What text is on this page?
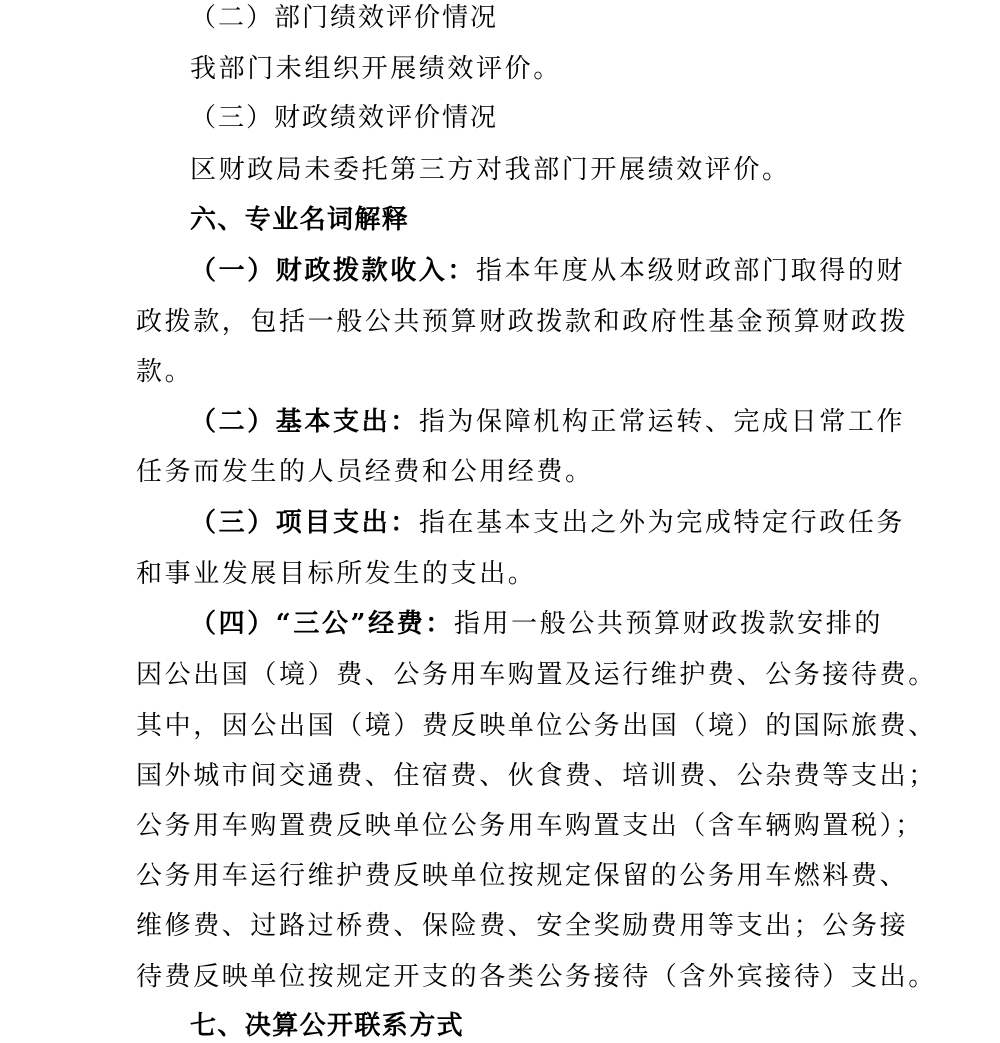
（二）部门绩效评价情况
我部门未组织开展绩效评价。
（三）财政绩效评价情况
区财政局未委托第三方对我部门开展绩效评价。
六、专业名词解释
（一）财政拨款收入：指本年度从本级财政部门取得的财
政拨款，包括一般公共预算财政拨款和政府性基金预算财政拨
款。
（二）基本支出：指为保障机构正常运转、完成日常工作
任务而发生的人员经费和公用经费。
（三）项目支出：指在基本支出之外为完成特定行政任务
和事业发展目标所发生的支出。
（四）“三公”经费：指用一般公共预算财政拨款安排的
因公出国（境）费、公务用车购置及运行维护费、公务接待费。
其中，因公出国（境）费反映单位公务出国（境）的国际旅费、
国外城市间交通费、住宿费、伙食费、培训费、公杂费等支出；
公务用车购置费反映单位公务用车购置支出（含车辆购置税）；
公务用车运行维护费反映单位按规定保留的公务用车燃料费、
维修费、过路过桥费、保险费、安全奖励费用等支出；公务接
待费反映单位按规定开支的各类公务接待（含外宾接待）支出。
七、决算公开联系方式
